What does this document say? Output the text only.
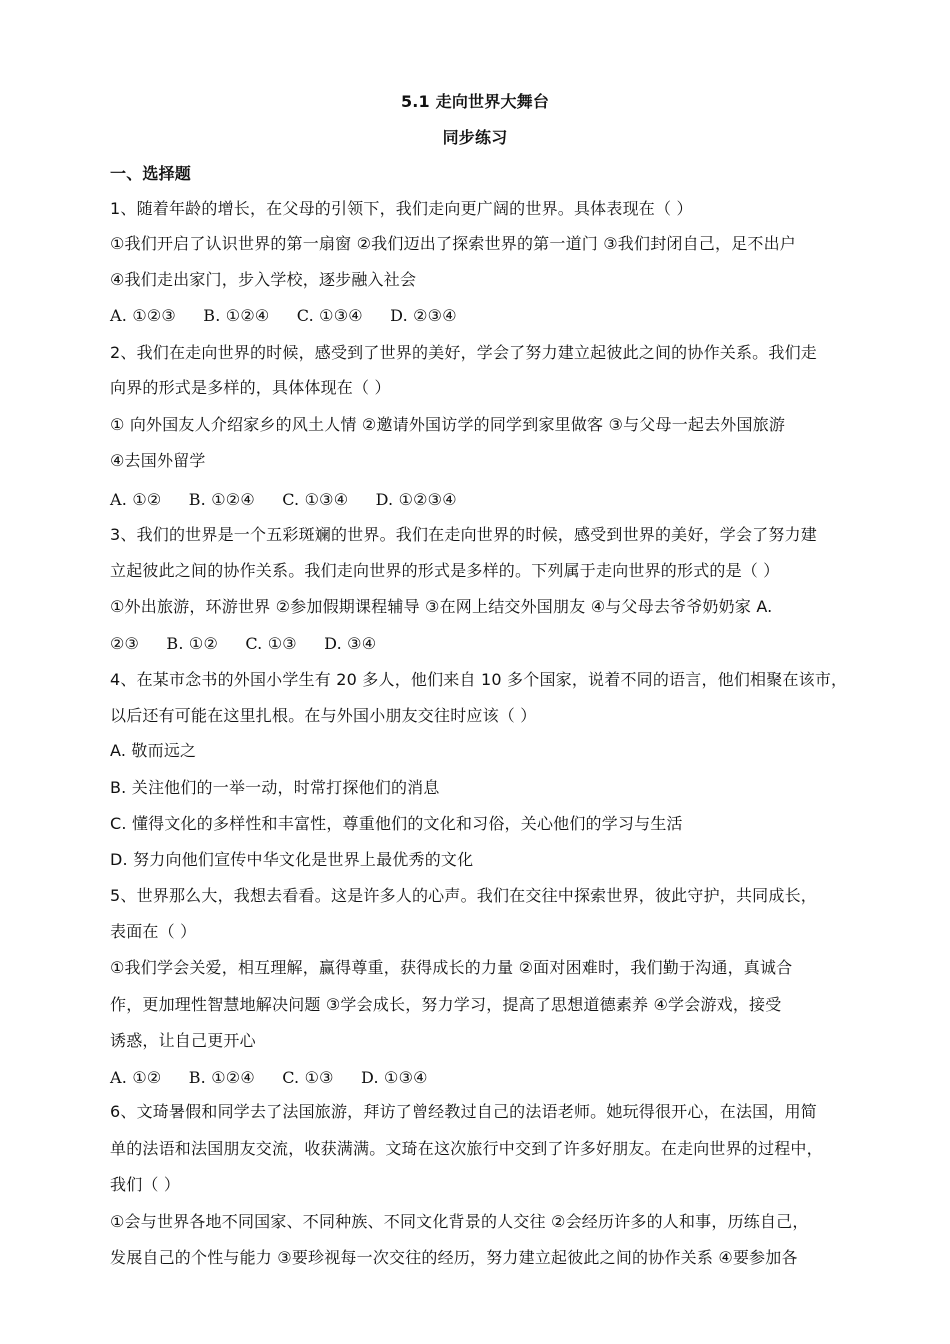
5.1 走向世界大舞台
同步练习
一、选择题
1、随着年龄的增长，在父母的引领下，我们走向更广阔的世界。具体表现在（ ）
①我们开启了认识世界的第一扇窗 ②我们迈出了探索世界的第一道门 ③我们封闭自己，足不出户
④我们走出家门，步入学校，逐步融入社会
A. ①②③ B. ①②④ C. ①③④ D. ②③④
2、我们在走向世界的时候，感受到了世界的美好，学会了努力建立起彼此之间的协作关系。我们走
向界的形式是多样的，具体体现在（ ）
① 向外国友人介绍家乡的风土人情 ②邀请外国访学的同学到家里做客 ③与父母一起去外国旅游
④去国外留学
A. ①② B. ①②④ C. ①③④ D. ①②③④
3、我们的世界是一个五彩斑斓的世界。我们在走向世界的时候，感受到世界的美好，学会了努力建
立起彼此之间的协作关系。我们走向世界的形式是多样的。下列属于走向世界的形式的是（ ）
①外出旅游，环游世界 ②参加假期课程辅导 ③在网上结交外国朋友 ④与父母去爷爷奶奶家 A.
②③ B. ①② C. ①③ D. ③④
4、在某市念书的外国小学生有 20 多人，他们来自 10 多个国家，说着不同的语言，他们相聚在该市，
以后还有可能在这里扎根。在与外国小朋友交往时应该（ ）
A. 敬而远之
B. 关注他们的一举一动，时常打探他们的消息
C. 懂得文化的多样性和丰富性，尊重他们的文化和习俗，关心他们的学习与生活
D. 努力向他们宣传中华文化是世界上最优秀的文化
5、世界那么大，我想去看看。这是许多人的心声。我们在交往中探索世界，彼此守护，共同成长，
表面在（ ）
①我们学会关爱，相互理解，赢得尊重，获得成长的力量 ②面对困难时，我们勤于沟通，真诚合
作，更加理性智慧地解决问题 ③学会成长，努力学习，提高了思想道德素养 ④学会游戏，接受
诱惑，让自己更开心
A. ①② B. ①②④ C. ①③ D. ①③④
6、文琦暑假和同学去了法国旅游，拜访了曾经教过自己的法语老师。她玩得很开心，在法国，用简
单的法语和法国朋友交流，收获满满。文琦在这次旅行中交到了许多好朋友。在走向世界的过程中，
我们（ ）
①会与世界各地不同国家、不同种族、不同文化背景的人交往 ②会经历许多的人和事，历练自己，
发展自己的个性与能力 ③要珍视每一次交往的经历，努力建立起彼此之间的协作关系 ④要参加各
